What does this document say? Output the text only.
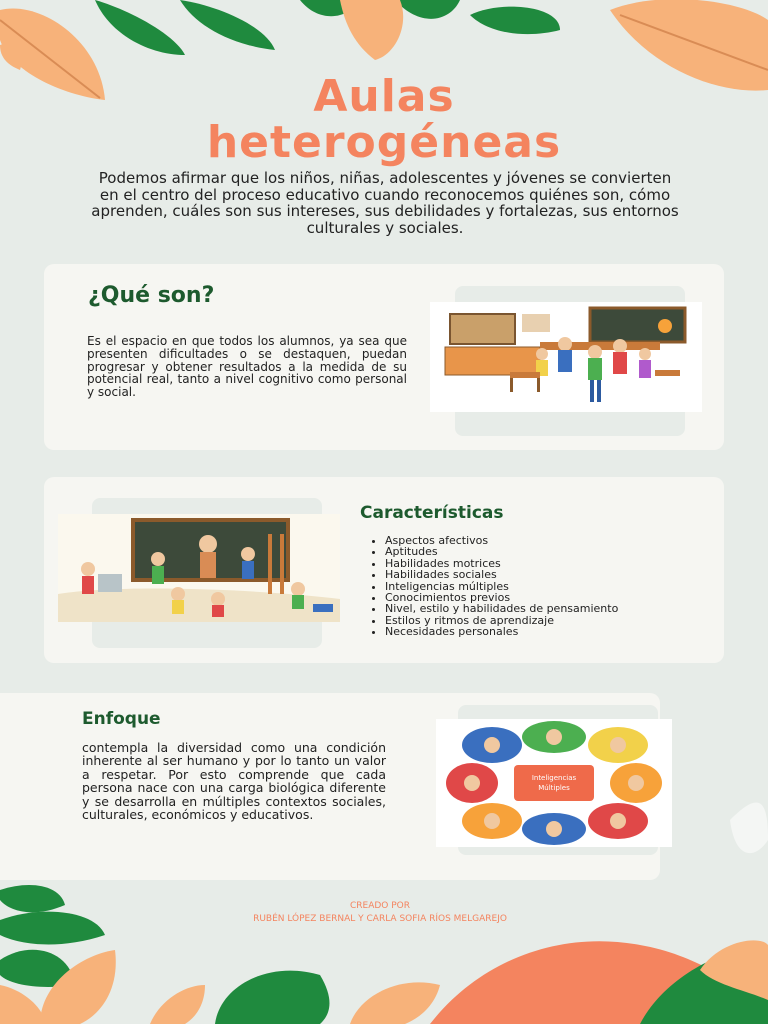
Aulas
heterogéneas

Podemos afirmar que los niños, niñas, adolescentes y jóvenes se convierten en el centro del proceso educativo cuando reconocemos quiénes son, cómo aprenden, cuáles son sus intereses, sus debilidades y fortalezas, sus entornos culturales y sociales.

¿Qué son?

Es el espacio en que todos los alumnos, ya sea que presenten dificultades o se destaquen, puedan progresar y obtener resultados a la medida de su potencial real, tanto a nivel cognitivo como personal y social.

Características
• Aspectos afectivos
• Aptitudes
• Habilidades motrices
• Habilidades sociales
• Inteligencias múltiples
• Conocimientos previos
• Nivel, estilo y habilidades de pensamiento
• Estilos y ritmos de aprendizaje
• Necesidades personales
Enfoque

contempla la diversidad como una condición inherente al ser humano y por lo tanto un valor a respetar. Por esto comprende que cada persona nace con una carga biológica diferente y se desarrolla en múltiples contextos sociales, culturales, económicos y educativos.

Inteligencias
Múltiples

CREADO POR

RUBÉN LÓPEZ BERNAL Y CARLA SOFIA RÍOS MELGAREJO
